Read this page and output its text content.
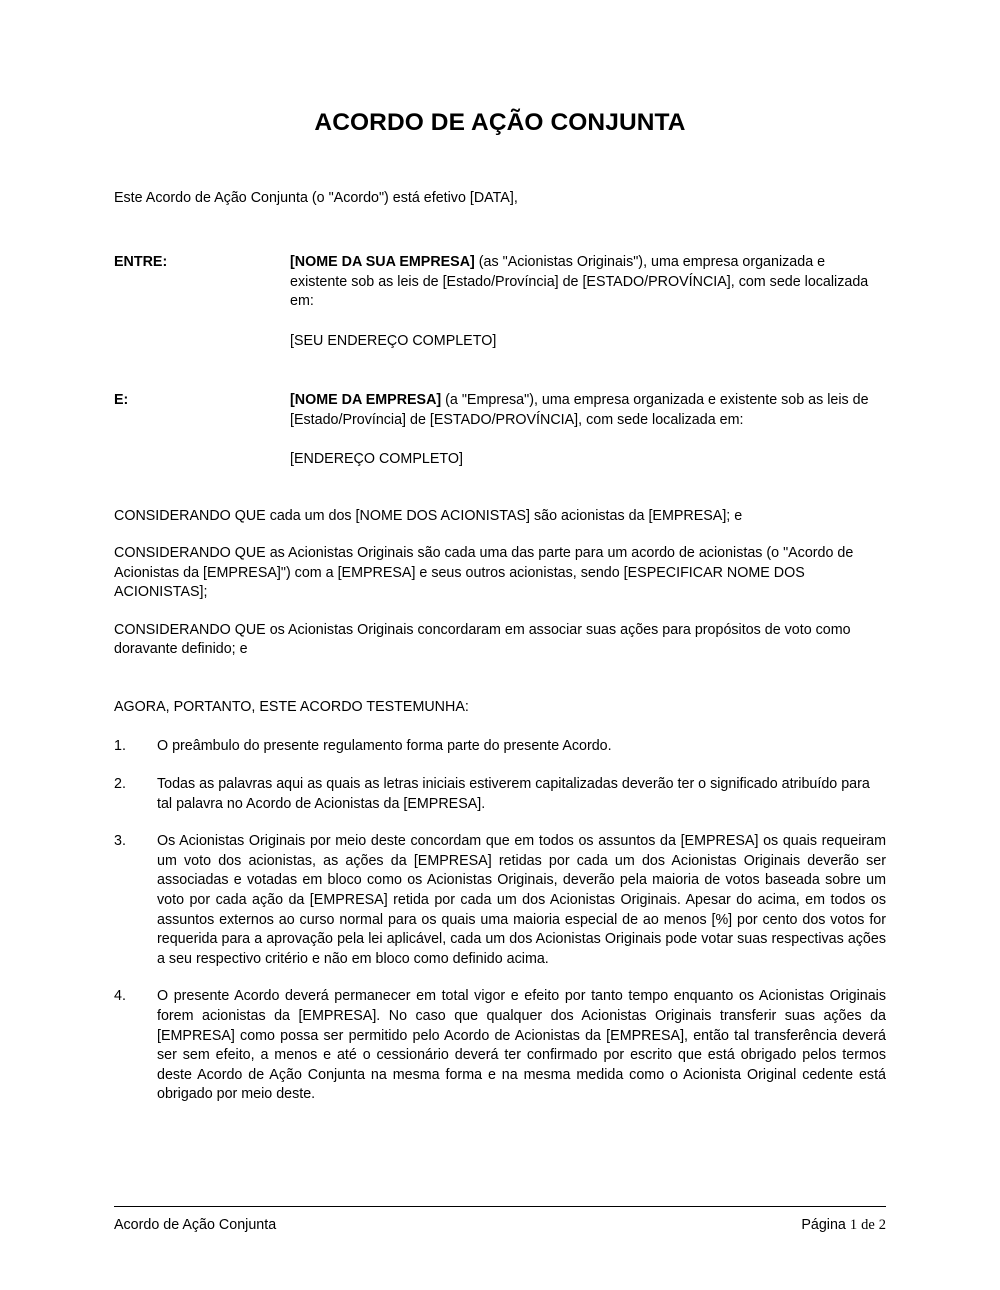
ACORDO DE AÇÃO CONJUNTA

Este Acordo de Ação Conjunta (o "Acordo") está efetivo [DATA],

ENTRE:	[NOME DA SUA EMPRESA] (as "Acionistas Originais"), uma empresa organizada e existente sob as leis de [Estado/Província] de [ESTADO/PROVÍNCIA], com sede localizada em:

[SEU ENDEREÇO COMPLETO]

E:	[NOME DA EMPRESA] (a "Empresa"), uma empresa organizada e existente sob as leis de [Estado/Província] de [ESTADO/PROVÍNCIA], com sede localizada em:

[ENDEREÇO COMPLETO]

CONSIDERANDO QUE cada um dos [NOME DOS ACIONISTAS] são acionistas da [EMPRESA]; e

CONSIDERANDO QUE as Acionistas Originais são cada uma das parte para um acordo de acionistas (o "Acordo de Acionistas da [EMPRESA]") com a [EMPRESA] e seus outros acionistas, sendo [ESPECIFICAR NOME DOS ACIONISTAS];

CONSIDERANDO QUE os Acionistas Originais concordaram em associar suas ações para propósitos de voto como doravante definido; e

AGORA, PORTANTO, ESTE ACORDO TESTEMUNHA:

1.	O preâmbulo do presente regulamento forma parte do presente Acordo.
2.	Todas as palavras aqui as quais as letras iniciais estiverem capitalizadas deverão ter o significado atribuído para tal palavra no Acordo de Acionistas da [EMPRESA].
3.	Os Acionistas Originais por meio deste concordam que em todos os assuntos da [EMPRESA] os quais requeiram um voto dos acionistas, as ações da [EMPRESA] retidas por cada um dos Acionistas Originais deverão ser associadas e votadas em bloco como os Acionistas Originais, deverão pela maioria de votos baseada sobre um voto por cada ação da [EMPRESA] retida por cada um dos Acionistas Originais. Apesar do acima, em todos os assuntos externos ao curso normal para os quais uma maioria especial de ao menos [%] por cento dos votos for requerida para a aprovação pela lei aplicável, cada um dos Acionistas Originais pode votar suas respectivas ações a seu respectivo critério e não em bloco como definido acima.
4.	O presente Acordo deverá permanecer em total vigor e efeito por tanto tempo enquanto os Acionistas Originais forem acionistas da [EMPRESA]. No caso que qualquer dos Acionistas Originais transferir suas ações da [EMPRESA] como possa ser permitido pelo Acordo de Acionistas da [EMPRESA], então tal transferência deverá ser sem efeito, a menos e até o cessionário deverá ter confirmado por escrito que está obrigado pelos termos deste Acordo de Ação Conjunta na mesma forma e na mesma medida como o Acionista Original cedente está obrigado por meio deste.
Acordo de Ação Conjunta	Página 1 de 2
